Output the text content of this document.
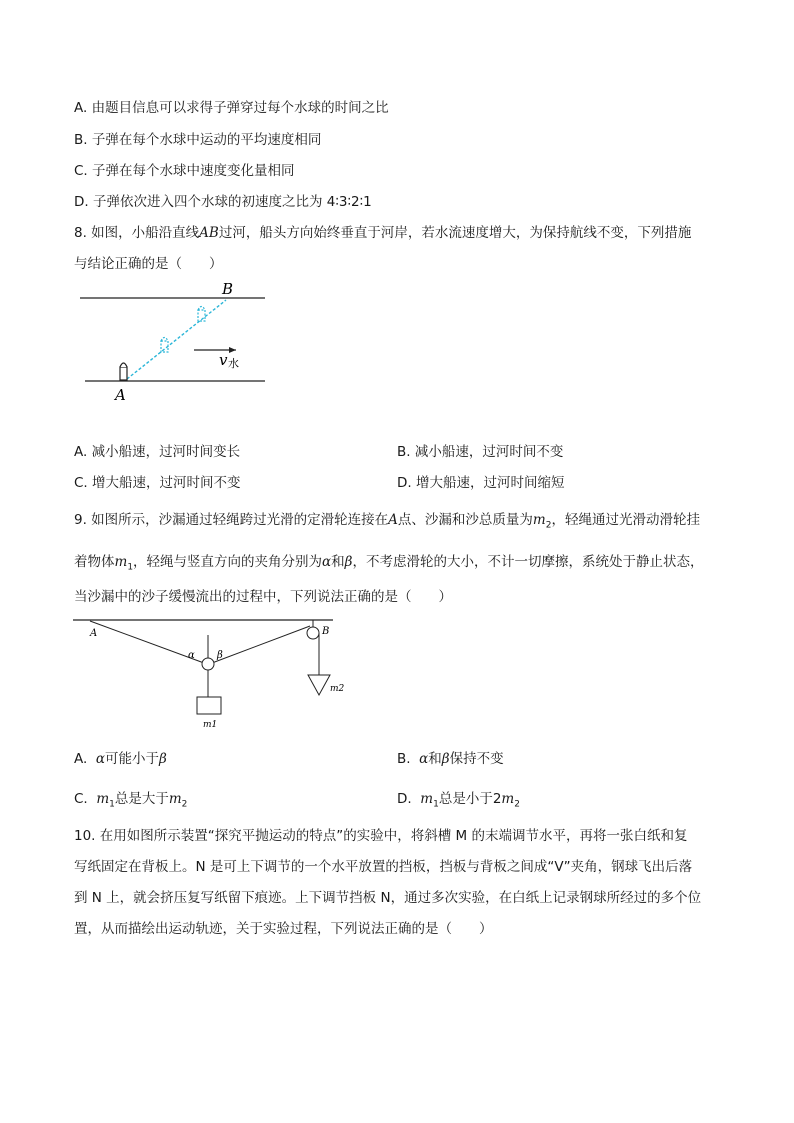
A. 由题目信息可以求得子弹穿过每个水球的时间之比
B. 子弹在每个水球中运动的平均速度相同
C. 子弹在每个水球中速度变化量相同
D. 子弹依次进入四个水球的初速度之比为 4∶3∶2∶1
8. 如图，小船沿直线AB过河，船头方向始终垂直于河岸，若水流速度增大，为保持航线不变，下列措施
与结论正确的是（　　）
B
A
v 水
A. 减小船速，过河时间变长	B. 减小船速，过河时间不变
C. 增大船速，过河时间不变	D. 增大船速，过河时间缩短
9. 如图所示，沙漏通过轻绳跨过光滑的定滑轮连接在A点、沙漏和沙总质量为$m_2$，轻绳通过光滑动滑轮挂
着物体$m_1$，轻绳与竖直方向的夹角分别为α和β，不考虑滑轮的大小，不计一切摩擦，系统处于静止状态，
当沙漏中的沙子缓慢流出的过程中，下列说法正确的是（　　）
A	B
α β
m1
m2
A. α可能小于β	B. α和β保持不变
C. $m_1$总是大于$m_2$	D. $m_1$总是小于$2m_2$
10. 在用如图所示装置“探究平抛运动的特点”的实验中，将斜槽 M 的末端调节水平，再将一张白纸和复
写纸固定在背板上。N 是可上下调节的一个水平放置的挡板，挡板与背板之间成“V”夹角，钢球飞出后落
到 N 上，就会挤压复写纸留下痕迹。上下调节挡板 N，通过多次实验，在白纸上记录钢球所经过的多个位
置，从而描绘出运动轨迹，关于实验过程，下列说法正确的是（　　）
